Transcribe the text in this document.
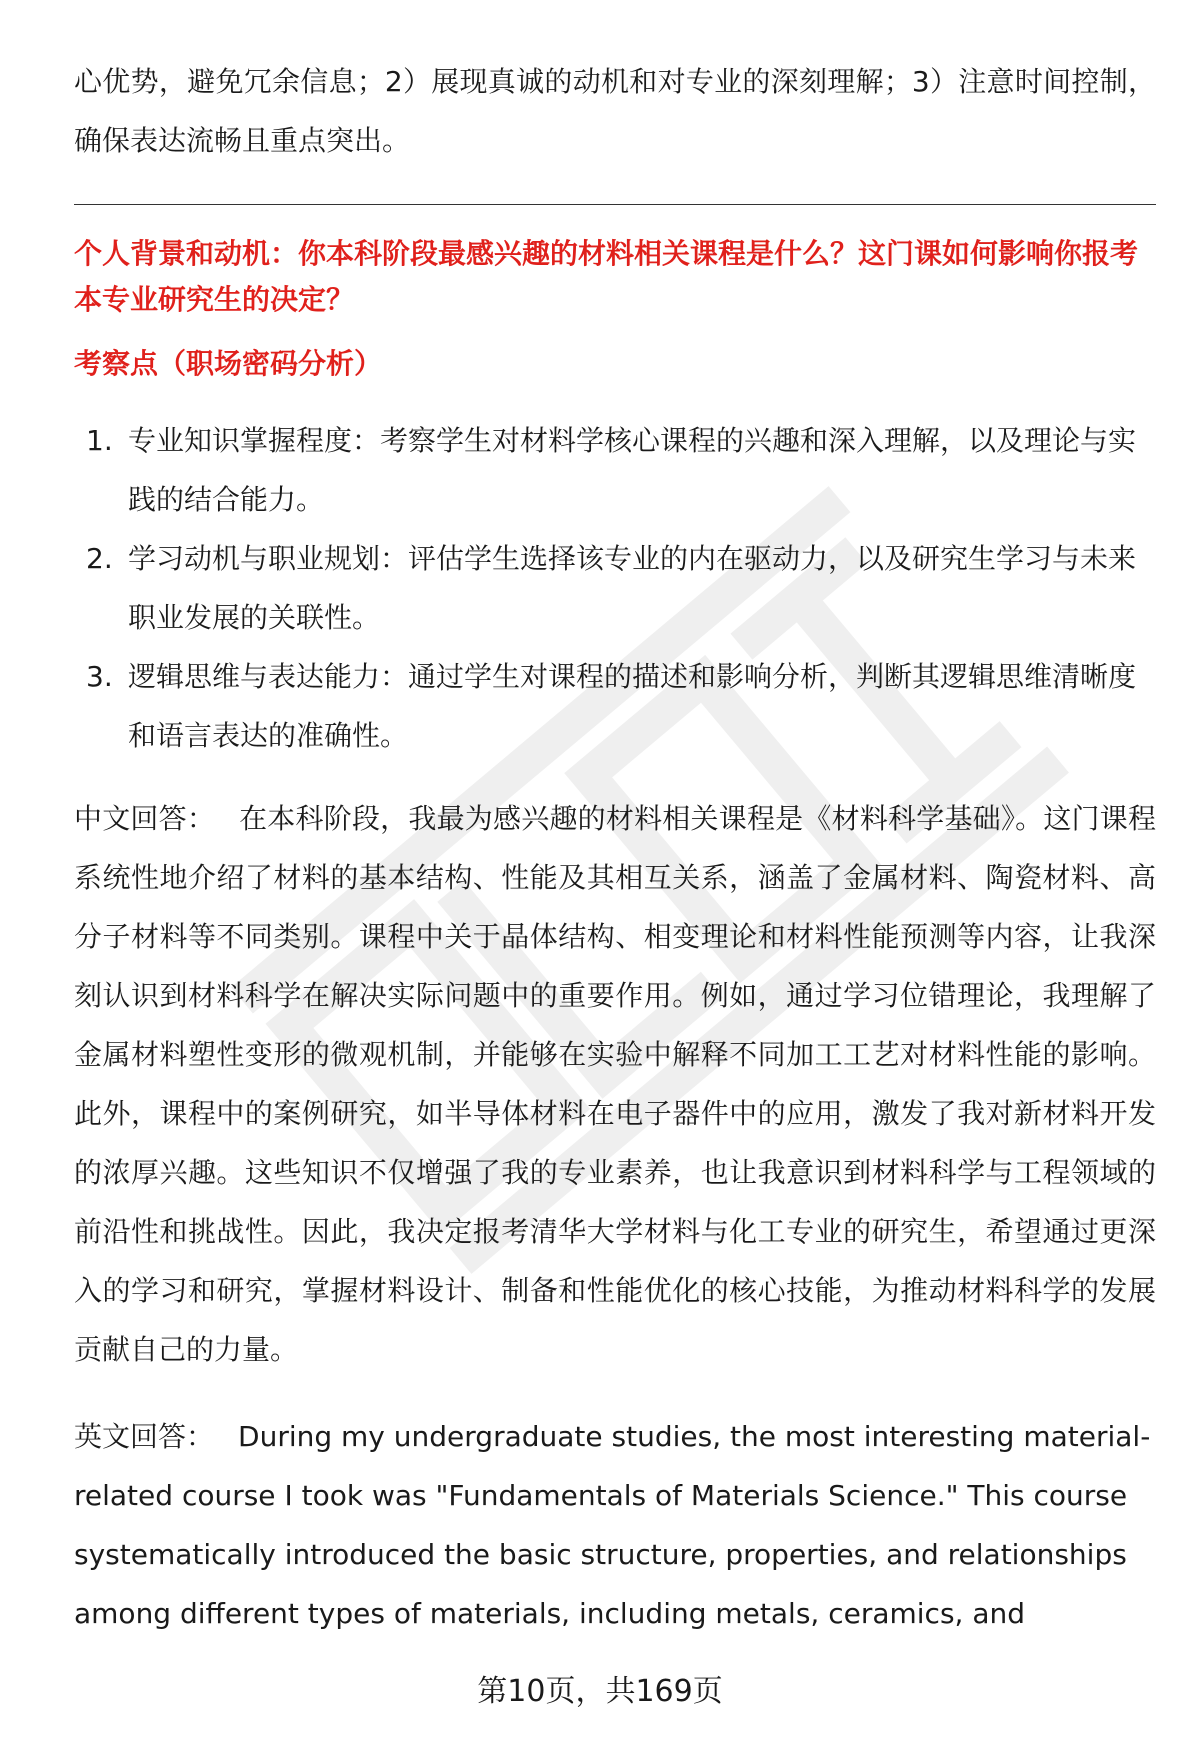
心优势，避免冗余信息；2）展现真诚的动机和对专业的深刻理解；3）注意时间控制，确保表达流畅且重点突出。

个人背景和动机：你本科阶段最感兴趣的材料相关课程是什么？这门课如何影响你报考本专业研究生的决定？

考察点（职场密码分析）

1. 专业知识掌握程度：考察学生对材料学核心课程的兴趣和深入理解，以及理论与实践的结合能力。
2. 学习动机与职业规划：评估学生选择该专业的内在驱动力，以及研究生学习与未来职业发展的关联性。
3. 逻辑思维与表达能力：通过学生对课程的描述和影响分析，判断其逻辑思维清晰度和语言表达的准确性。

中文回答： 在本科阶段，我最为感兴趣的材料相关课程是《材料科学基础》。这门课程系统性地介绍了材料的基本结构、性能及其相互关系，涵盖了金属材料、陶瓷材料、高分子材料等不同类别。课程中关于晶体结构、相变理论和材料性能预测等内容，让我深刻认识到材料科学在解决实际问题中的重要作用。例如，通过学习位错理论，我理解了金属材料塑性变形的微观机制，并能够在实验中解释不同加工工艺对材料性能的影响。此外，课程中的案例研究，如半导体材料在电子器件中的应用，激发了我对新材料开发的浓厚兴趣。这些知识不仅增强了我的专业素养，也让我意识到材料科学与工程领域的前沿性和挑战性。因此，我决定报考清华大学材料与化工专业的研究生，希望通过更深入的学习和研究，掌握材料设计、制备和性能优化的核心技能，为推动材料科学的发展贡献自己的力量。

英文回答： During my undergraduate studies, the most interesting material-related course I took was "Fundamentals of Materials Science." This course systematically introduced the basic structure, properties, and relationships among different types of materials, including metals, ceramics, and

第10页，共169页
